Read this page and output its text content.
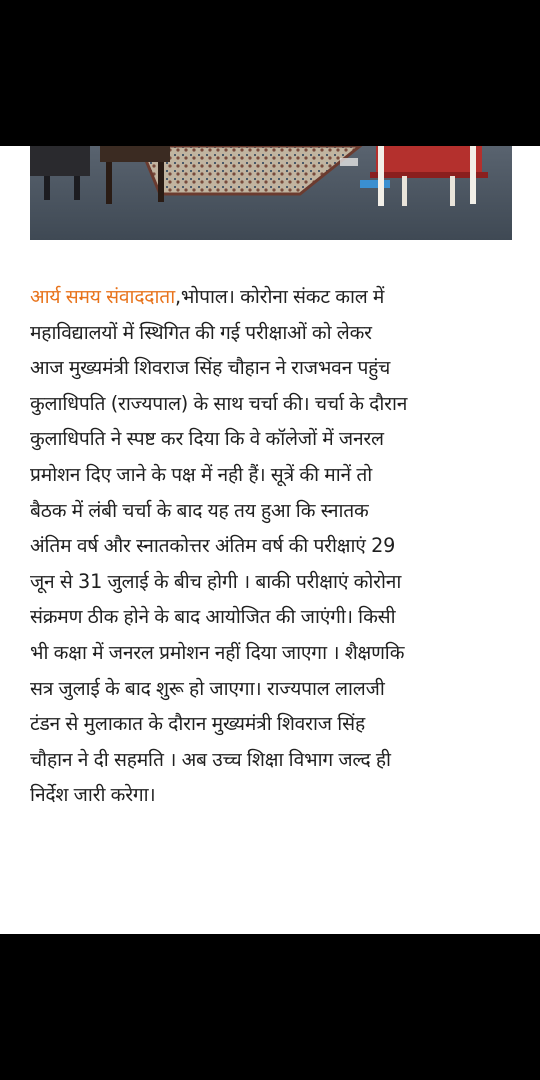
आर्य समय संवाददाता,भोपाल। कोरोना संकट काल में
महाविद्यालयों में स्थिगित की गई परीक्षाओं को लेकर
आज मुख्यमंत्री शिवराज सिंह चौहान ने राजभवन पहुंच
कुलाधिपति (राज्यपाल) के साथ चर्चा की। चर्चा के दौरान
कुलाधिपति ने स्पष्ट कर दिया कि वे कॉलेजों में जनरल
प्रमोशन दिए जाने के पक्ष में नही हैं। सूत्रें की मानें तो
बैठक में लंबी चर्चा के बाद यह तय हुआ कि स्नातक
अंतिम वर्ष और स्नातकोत्तर अंतिम वर्ष की परीक्षाएं 29
जून से 31 जुलाई के बीच होगी । बाकी परीक्षाएं कोरोना
संक्रमण ठीक होने के बाद आयोजित की जाएंगी। किसी
भी कक्षा में जनरल प्रमोशन नहीं दिया जाएगा । शैक्षणकि
सत्र जुलाई के बाद शुरू हो जाएगा। राज्यपाल लालजी
टंडन से मुलाकात के दौरान मुख्यमंत्री शिवराज सिंह
चौहान ने दी सहमति । अब उच्च शिक्षा विभाग जल्द ही
निर्देश जारी करेगा।
